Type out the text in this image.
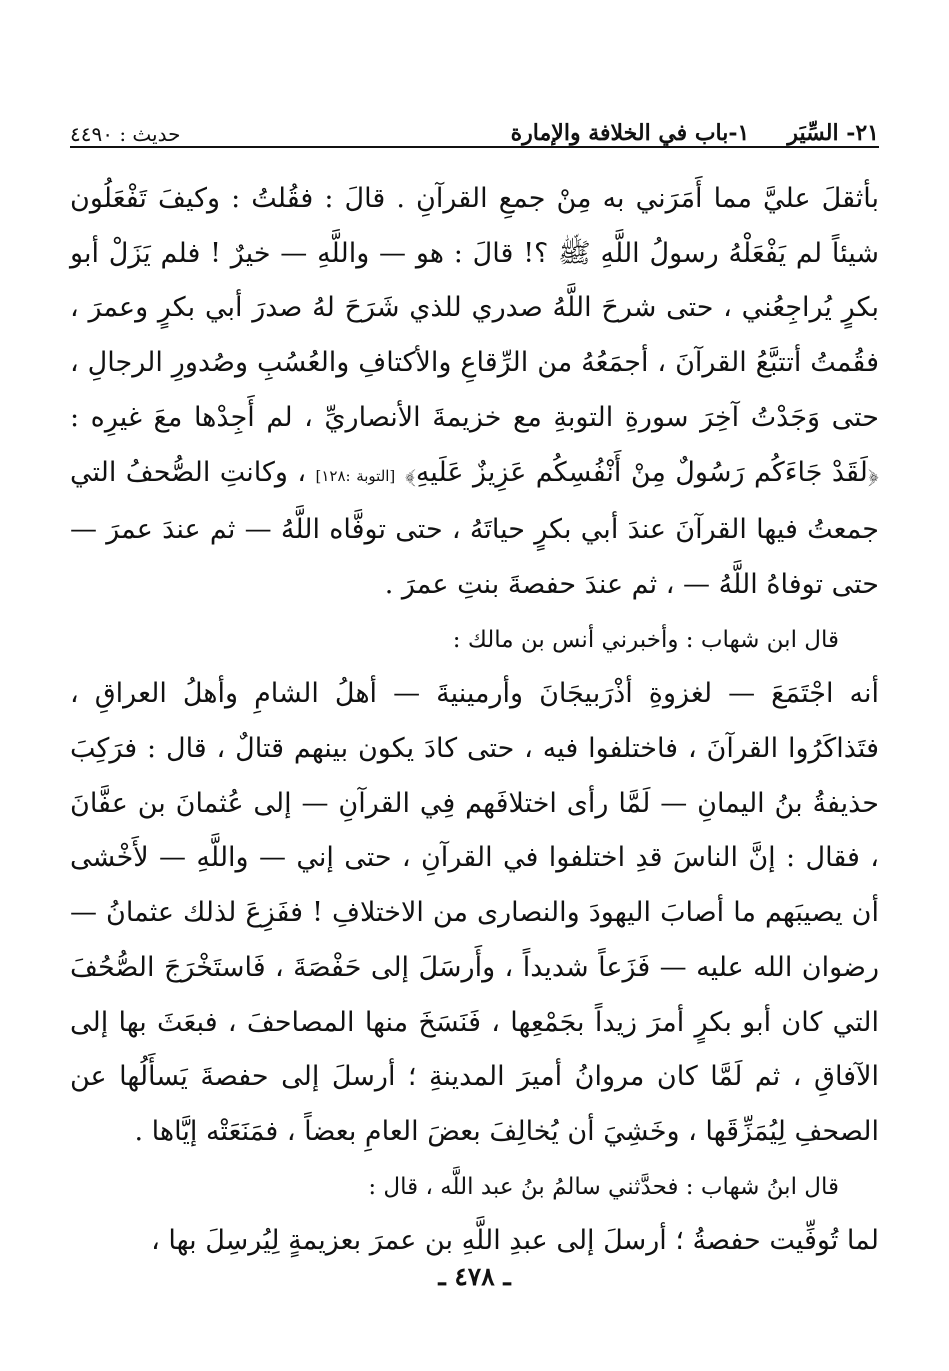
٢١- السِّيَر
١-باب في الخلافة والإمارة
حديث : ٤٤٩٠

بأثقلَ عليَّ مما أَمَرَني به مِنْ جمعِ القرآنِ . قالَ : فقُلتُ : وكيفَ تَفْعَلُون شيئاً لم يَفْعَلْهُ رسولُ اللَّهِ ﷺ ؟! قالَ : هو — واللَّهِ — خيرٌ ! فلم يَزَلْ أبو بكرٍ يُراجِعُني ، حتى شرحَ اللَّهُ صدري للذي شَرَحَ لهُ صدرَ أبي بكرٍ وعمرَ ، فقُمتُ أتتبَّعُ القرآنَ ، أجمَعُهُ من الرِّقاعِ والأكتافِ والعُسُبِ وصُدورِ الرجالِ ، حتى وَجَدْتُ آخِرَ سورةِ التوبةِ مع خزيمةَ الأنصاريِّ ، لم أَجِدْها معَ غيرِه : ﴿لَقَدْ جَاءَكُم رَسُولٌ مِنْ أَنْفُسِكُم عَزِيزٌ عَلَيهِ﴾ [التوبة :١٢٨] ، وكانتِ الصُّحفُ التي جمعتُ فيها القرآنَ عندَ أبي بكرٍ حياتَهُ ، حتى توفَّاه اللَّهُ — ثم عندَ عمرَ — حتى توفاهُ اللَّهُ — ، ثم عندَ حفصةَ بنتِ عمرَ .

قال ابن شهاب : وأخبرني أنس بن مالك :

أنه اجْتَمَعَ — لغزوةِ أذْرَبيجَانَ وأرمينيةَ — أهلُ الشامِ وأهلُ العراقِ ، فتَذاكَرُوا القرآنَ ، فاختلفوا فيه ، حتى كادَ يكون بينهم قتالٌ ، قال : فرَكِبَ حذيفةُ بنُ اليمانِ — لَمَّا رأى اختلافَهم فِي القرآنِ — إلى عُثمانَ بن عفَّانَ ، فقال : إنَّ الناسَ قدِ اختلفوا في القرآنِ ، حتى إني — واللَّهِ — لأَخْشى أن يصيبَهم ما أصابَ اليهودَ والنصارى من الاختلافِ ! ففَزِعَ لذلك عثمانُ — رضوان الله عليه — فَزَعاً شديداً ، وأَرسَلَ إلى حَفْصَةَ ، فَاستَخْرَجَ الصُّحُفَ التي كان أبو بكرٍ أمرَ زيداً بجَمْعِها ، فَنَسَخَ منها المصاحفَ ، فبعَثَ بها إلى الآفاقِ ، ثم لَمَّا كان مروانُ أميرَ المدينةِ ؛ أرسلَ إلى حفصةَ يَسأَلُها عن الصحفِ لِيُمَزِّقَها ، وخَشِيَ أن يُخالِفَ بعضَ العامِ بعضاً ، فمَنَعَتْه إيَّاها .

قال ابنُ شهاب : فحدَّثني سالمُ بنُ عبد اللَّه ، قال :

لما تُوفِّيت حفصةُ ؛ أرسلَ إلى عبدِ اللَّهِ بن عمرَ بعزيمةٍ لِيُرسِلَ بها ،

ـ ٤٧٨ ـ
